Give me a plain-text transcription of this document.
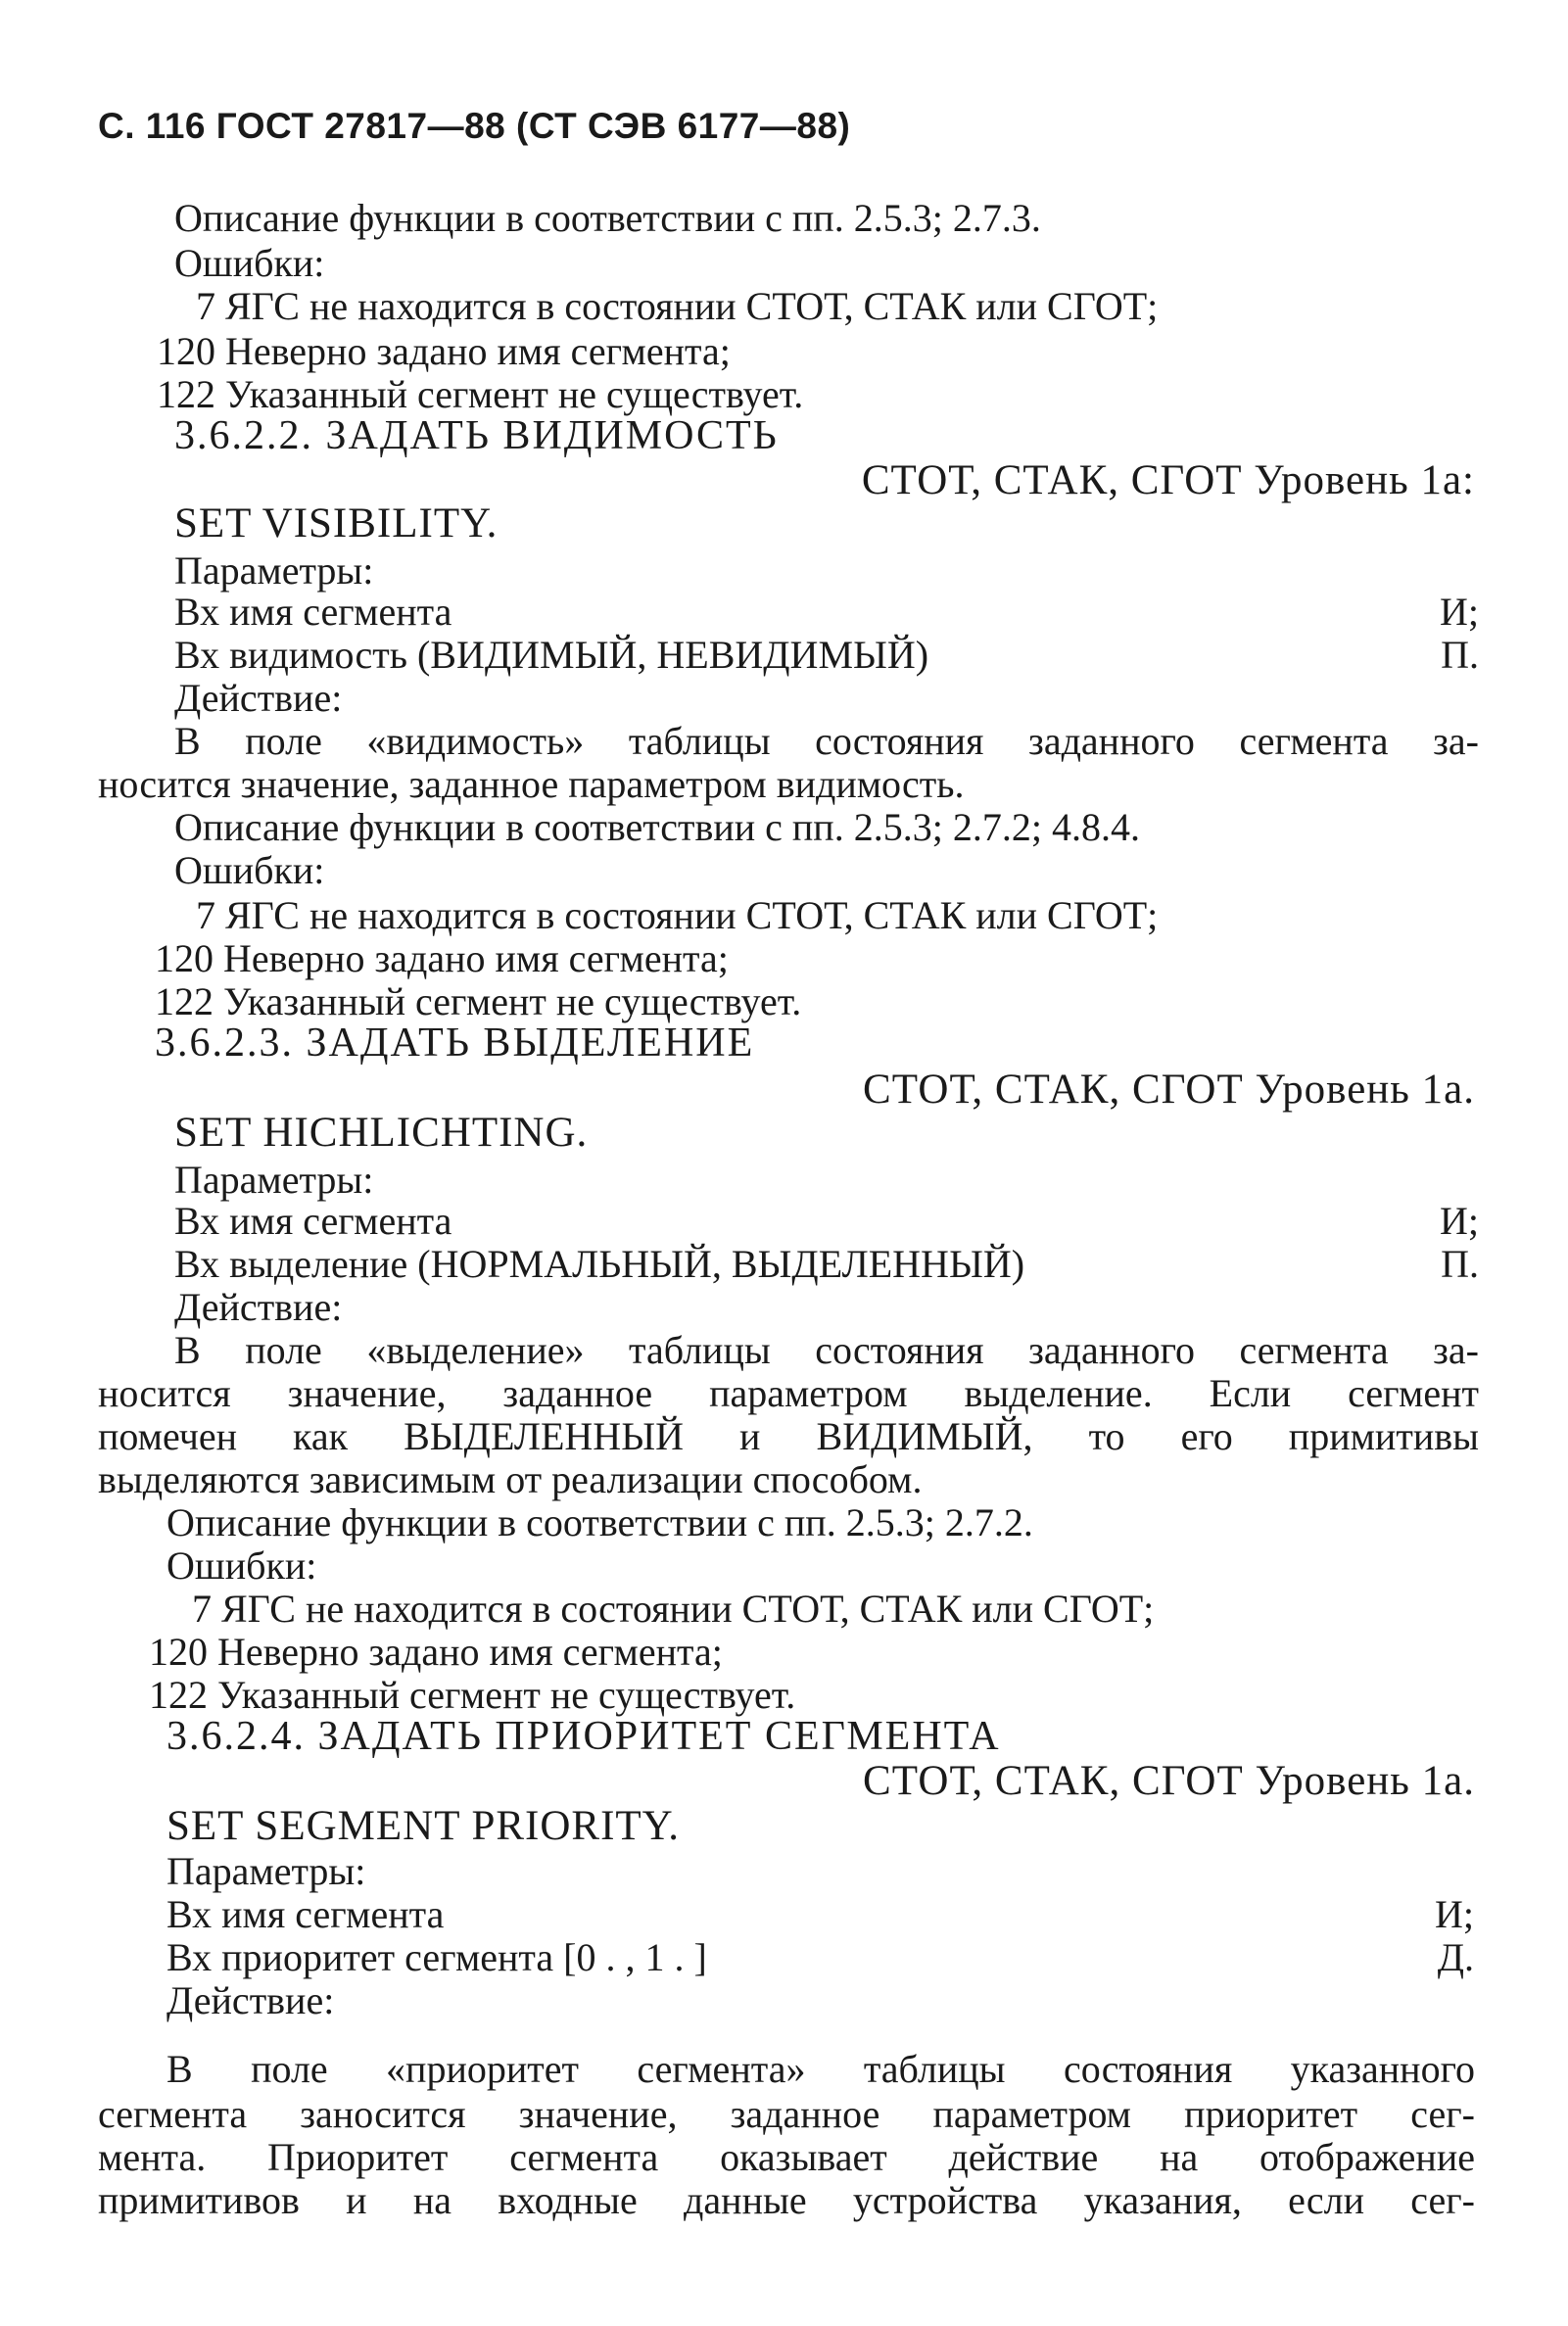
С. 116 ГОСТ 27817—88 (СТ СЭВ 6177—88)
Описание функции в соответствии с пп. 2.5.3; 2.7.3.
Ошибки:
7 ЯГС не находится в состоянии СТОТ, СТАК или СГОТ;
120 Неверно задано имя сегмента;
122 Указанный сегмент не существует.
3.6.2.2. ЗАДАТЬ ВИДИМОСТЬ
СТОТ, СТАК, СГОТ Уровень 1а:
SET VISIBILITY.
Параметры:
Вх имя сегмента	И;
Вх видимость (ВИДИМЫЙ, НЕВИДИМЫЙ)	П.
Действие:
В поле «видимость» таблицы состояния заданного сегмента за-
носится значение, заданное параметром видимость.
Описание функции в соответствии с пп. 2.5.3; 2.7.2; 4.8.4.
Ошибки:
7 ЯГС не находится в состоянии СТОТ, СТАК или СГОТ;
120 Неверно задано имя сегмента;
122 Указанный сегмент не существует.
3.6.2.3. ЗАДАТЬ ВЫДЕЛЕНИЕ
СТОТ, СТАК, СГОТ Уровень 1а.
SET HICHLICHTING.
Параметры:
Вх имя сегмента	И;
Вх выделение (НОРМАЛЬНЫЙ, ВЫДЕЛЕННЫЙ)	П.
Действие:
В поле «выделение» таблицы состояния заданного сегмента за-
носится значение, заданное параметром выделение. Если сегмент
помечен как ВЫДЕЛЕННЫЙ и ВИДИМЫЙ, то его примитивы
выделяются зависимым от реализации способом.
Описание функции в соответствии с пп. 2.5.3; 2.7.2.
Ошибки:
7 ЯГС не находится в состоянии СТОТ, СТАК или СГОТ;
120 Неверно задано имя сегмента;
122 Указанный сегмент не существует.
3.6.2.4. ЗАДАТЬ ПРИОРИТЕТ СЕГМЕНТА
СТОТ, СТАК, СГОТ Уровень 1а.
SET SEGMENT PRIORITY.
Параметры:
Вх имя сегмента	И;
Вх приоритет сегмента [0 . , 1 . ]	Д.
Действие:
В поле «приоритет сегмента» таблицы состояния указанного
сегмента заносится значение, заданное параметром приоритет сег-
мента. Приоритет сегмента оказывает действие на отображение
примитивов и на входные данные устройства указания, если сег-
